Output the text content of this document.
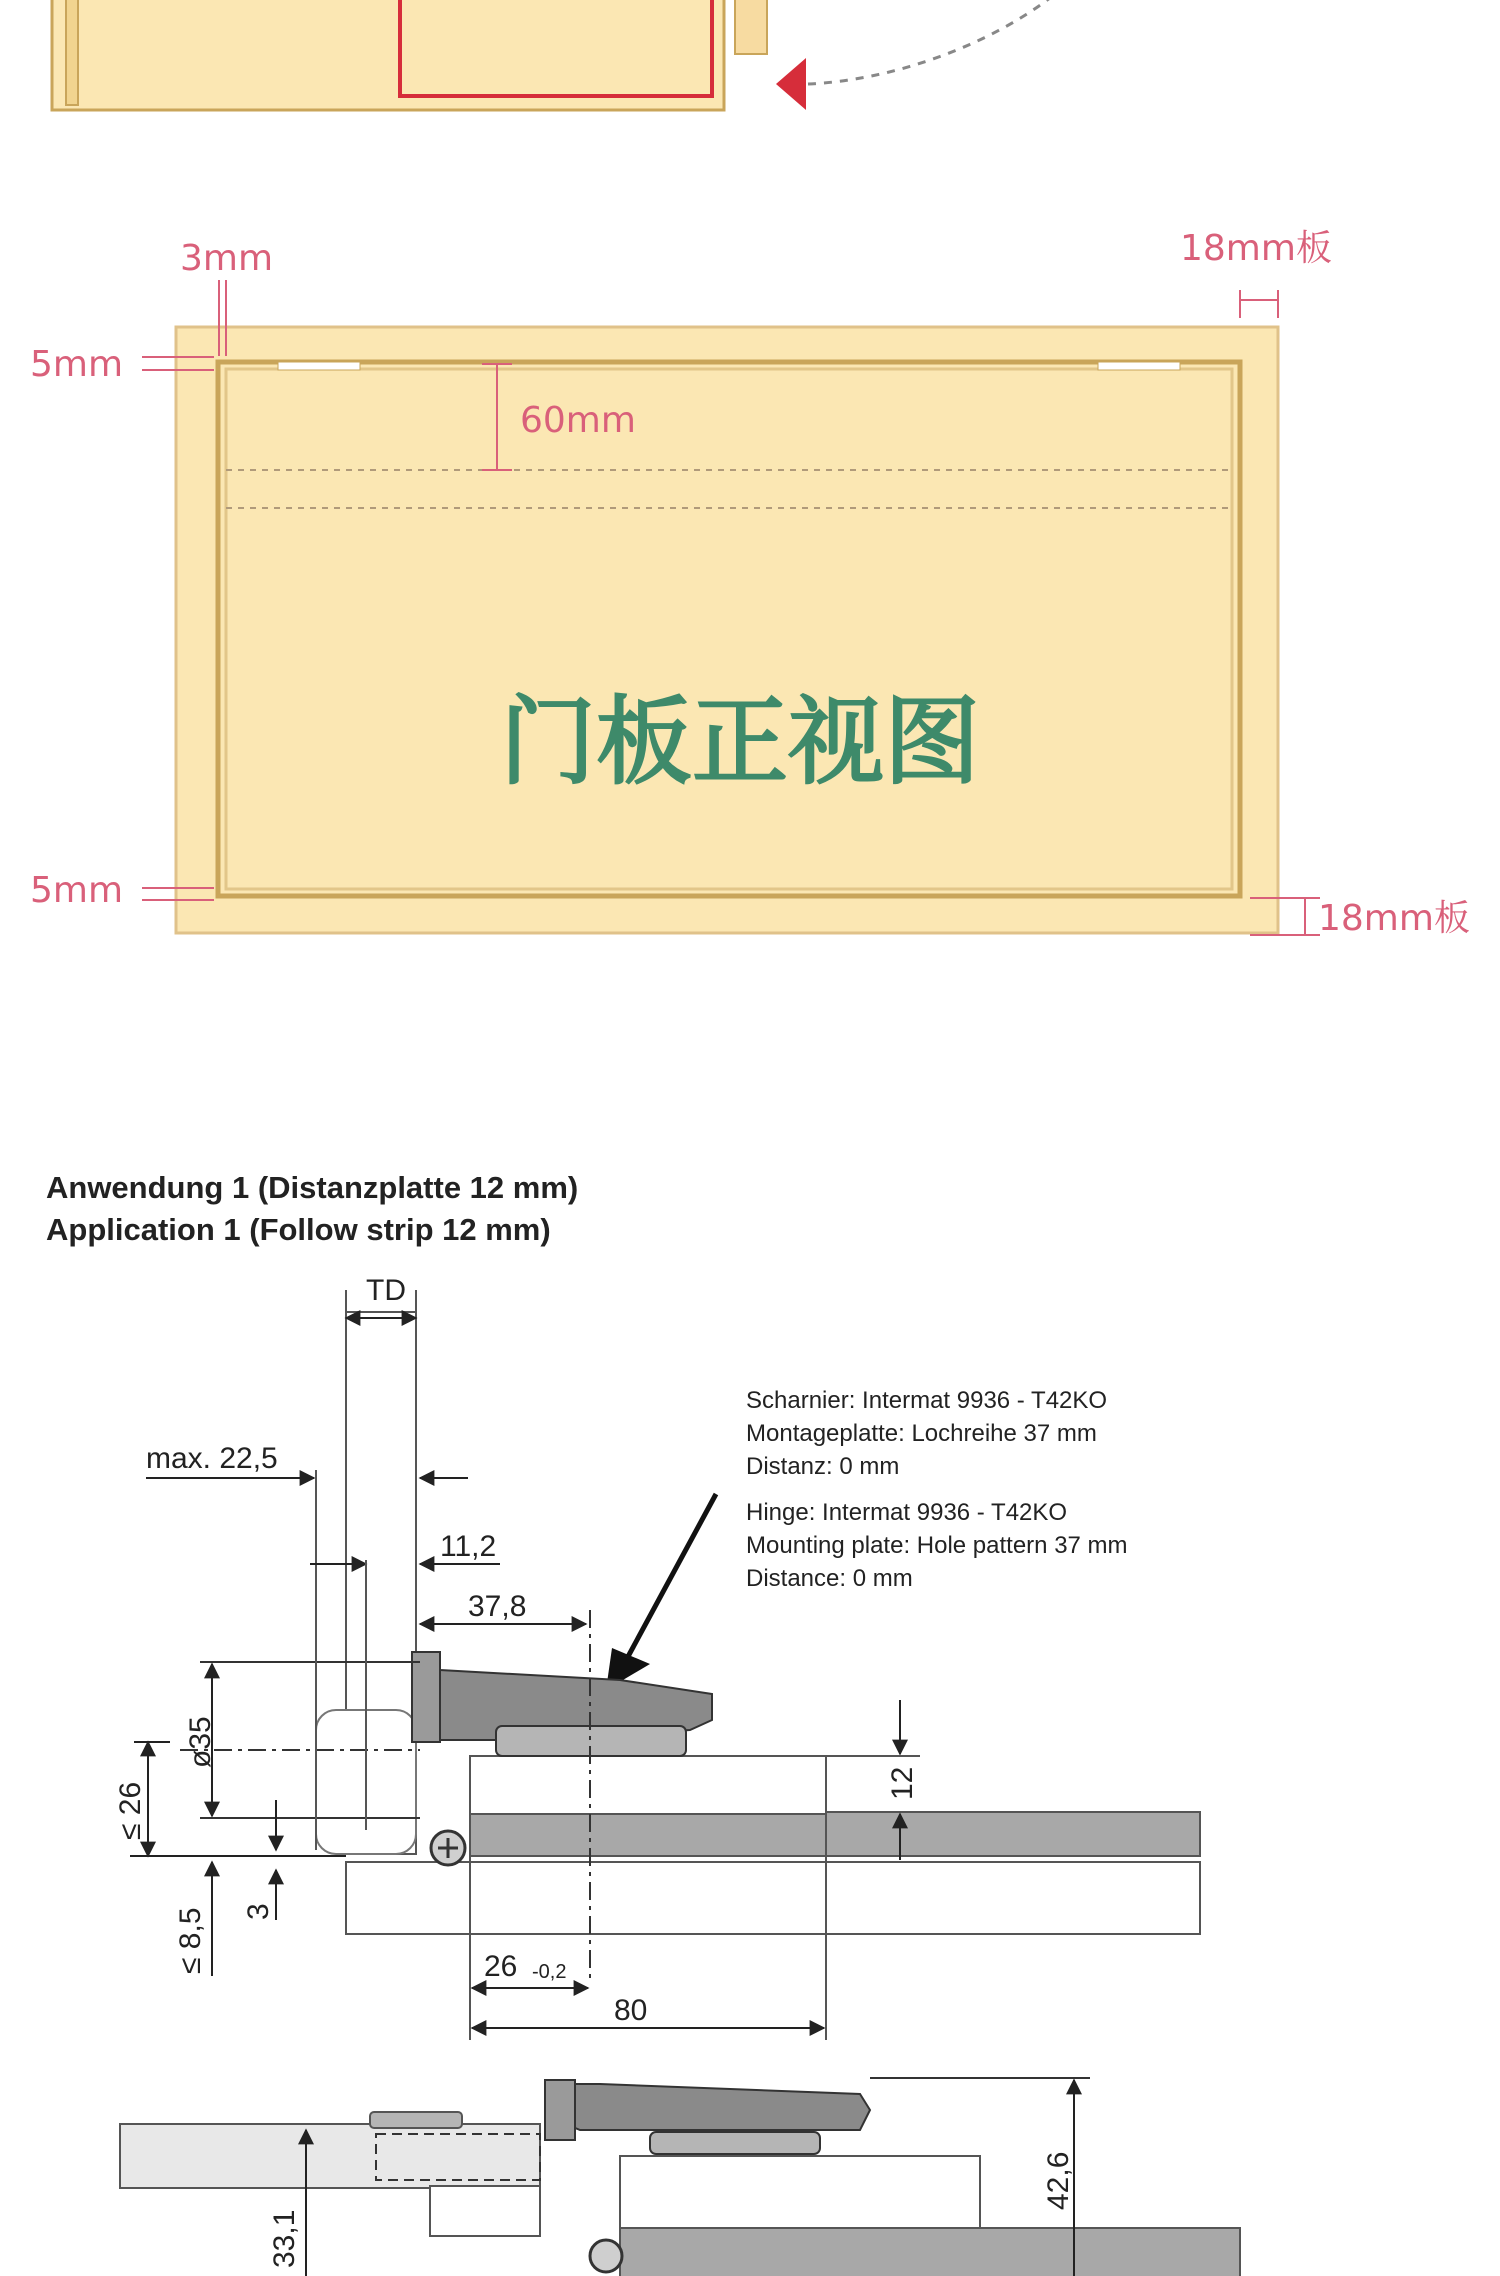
60mm
3mm
5mm
5mm
18mm板
18mm板
门板正视图
Anwendung 1 (Distanzplatte 12 mm)
Application 1 (Follow strip 12 mm)
Scharnier: Intermat 9936 - T42KO
Montageplatte: Lochreihe 37 mm
Distanz: 0 mm
Hinge: Intermat 9936 - T42KO
Mounting plate: Hole pattern 37 mm
Distance: 0 mm
TD
max. 22,5
11,2
37,8
ø35
≤ 26
3
≤ 8,5
12
26 -0,2
80
42,6
33,1
